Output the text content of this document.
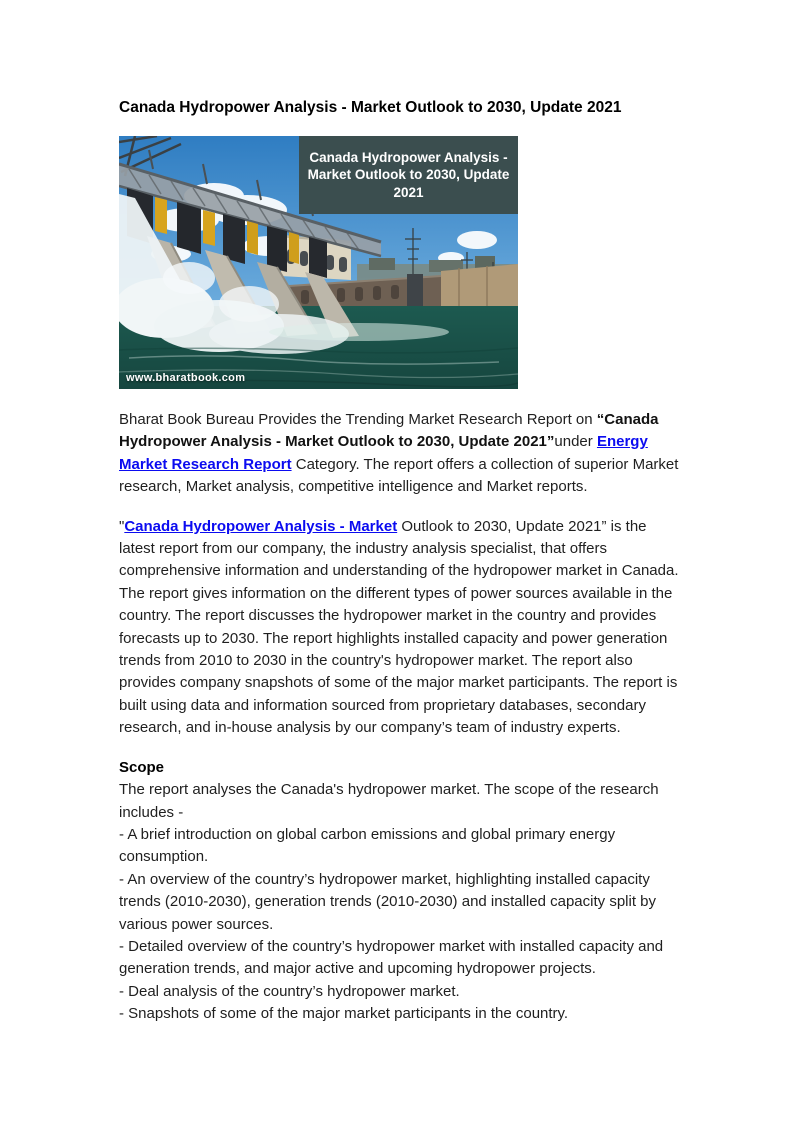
Canada Hydropower Analysis - Market Outlook to 2030, Update 2021
Canada Hydropower Analysis - Market Outlook to 2030, Update 2021
www.bharatbook.com

Bharat Book Bureau Provides the Trending Market Research Report on “Canada Hydropower Analysis - Market Outlook to 2030, Update 2021”under Energy Market Research Report Category. The report offers a collection of superior Market research, Market analysis, competitive intelligence and Market reports.

"Canada Hydropower Analysis - Market Outlook to 2030, Update 2021” is the latest report from our company, the industry analysis specialist, that offers comprehensive information and understanding of the hydropower market in Canada. The report gives information on the different types of power sources available in the country. The report discusses the hydropower market in the country and provides forecasts up to 2030. The report highlights installed capacity and power generation trends from 2010 to 2030 in the country's hydropower market. The report also provides company snapshots of some of the major market participants. The report is built using data and information sourced from proprietary databases, secondary research, and in-house analysis by our company’s team of industry experts.

Scope
The report analyses the Canada's hydropower market. The scope of the research includes -
- A brief introduction on global carbon emissions and global primary energy consumption.
- An overview of the country’s hydropower market, highlighting installed capacity trends (2010-2030), generation trends (2010-2030) and installed capacity split by various power sources.
- Detailed overview of the country’s hydropower market with installed capacity and generation trends, and major active and upcoming hydropower projects.
- Deal analysis of the country’s hydropower market.
- Snapshots of some of the major market participants in the country.
